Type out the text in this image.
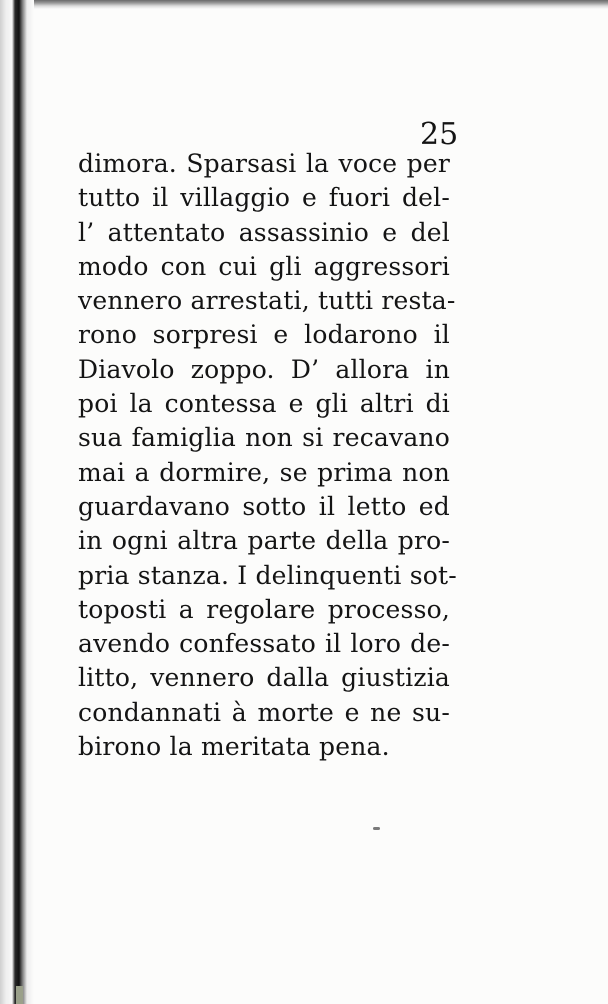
25
dimora. Sparsasi la voce per
tutto il villaggio e fuori del-
l’ attentato assassinio e del
modo con cui gli aggressori
vennero arrestati, tutti resta-
rono sorpresi e lodarono il
Diavolo zoppo. D’ allora in
poi la contessa e gli altri di
sua famiglia non si recavano
mai a dormire, se prima non
guardavano sotto il letto ed
in ogni altra parte della pro-
pria stanza. I delinquenti sot-
toposti a regolare processo,
avendo confessato il loro de-
litto, vennero dalla giustizia
condannati à morte e ne su-
birono la meritata pena.
